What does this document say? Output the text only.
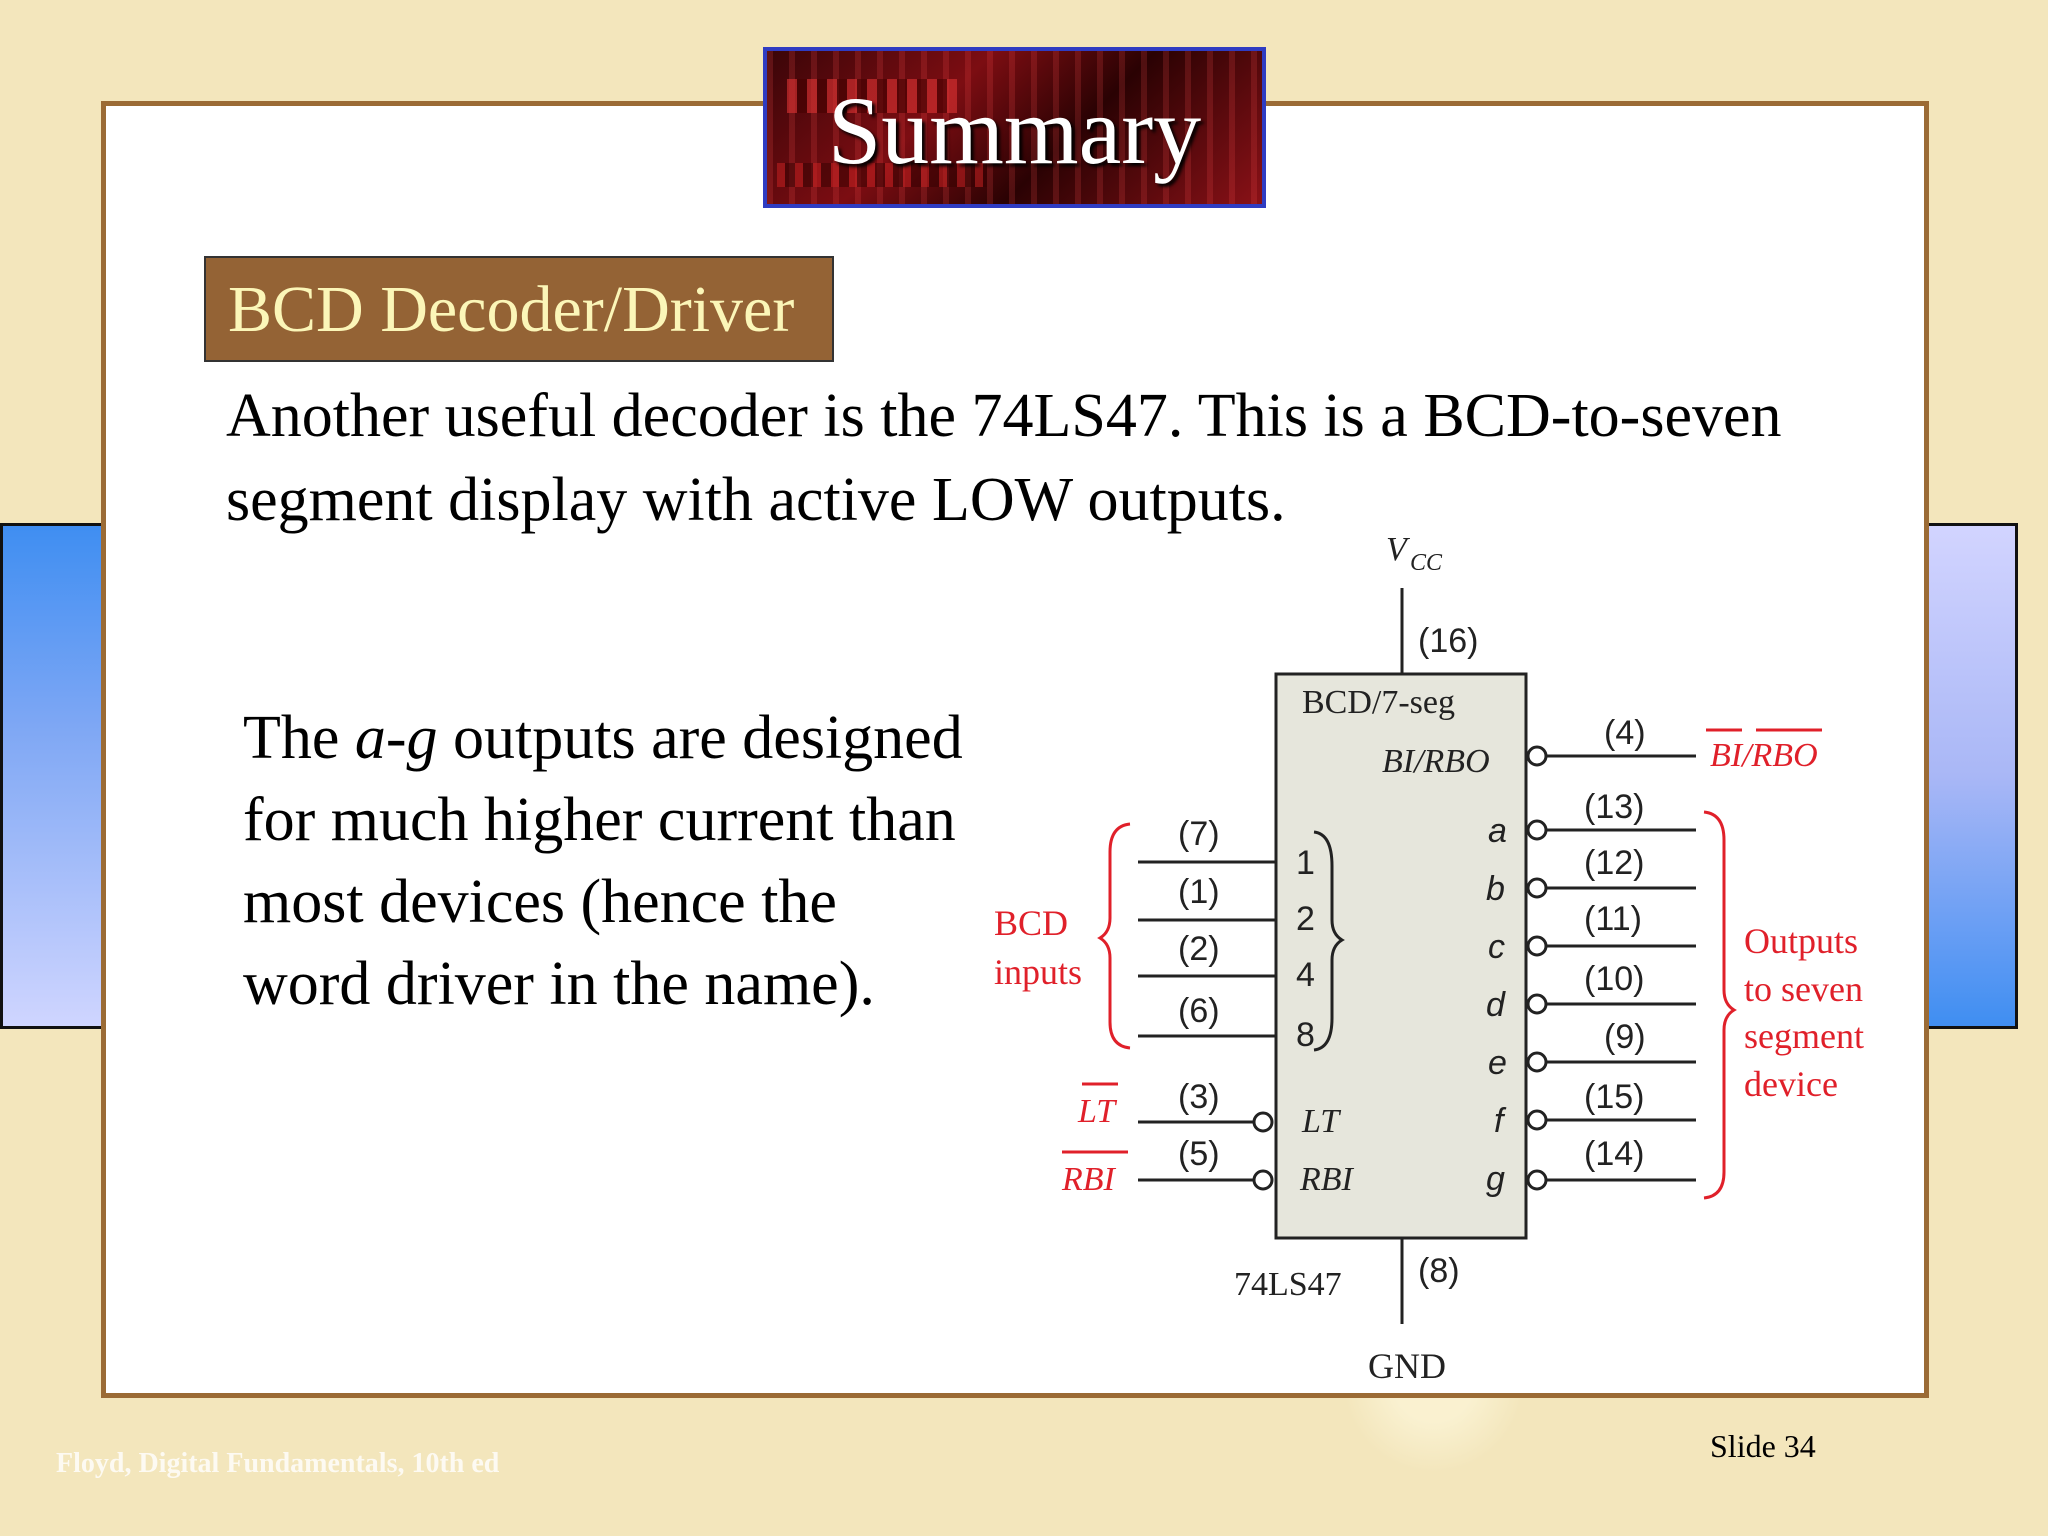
Summary
BCD Decoder/Driver
Another useful decoder is the 74LS47. This is a BCD-to-seven segment display with active LOW outputs.
The a-g outputs are designed for much higher current than most devices (hence the word driver in the name).
V CC
(16)
BCD/7-seg
(8)
74LS47
GND
BI/RBO
(4)
BI/RBO
(7)
1
(1)
2
(2)
4
(6)
8
BCD
inputs
LT (3)
LT
RBI
(5)
RBI
a
(13)
b
(12)
c
(11)
d
(10)
e
(9)
f
(15)
g
(14)
Outputs
to seven
segment
device
Floyd, Digital Fundamentals, 10th ed	Slide 34
